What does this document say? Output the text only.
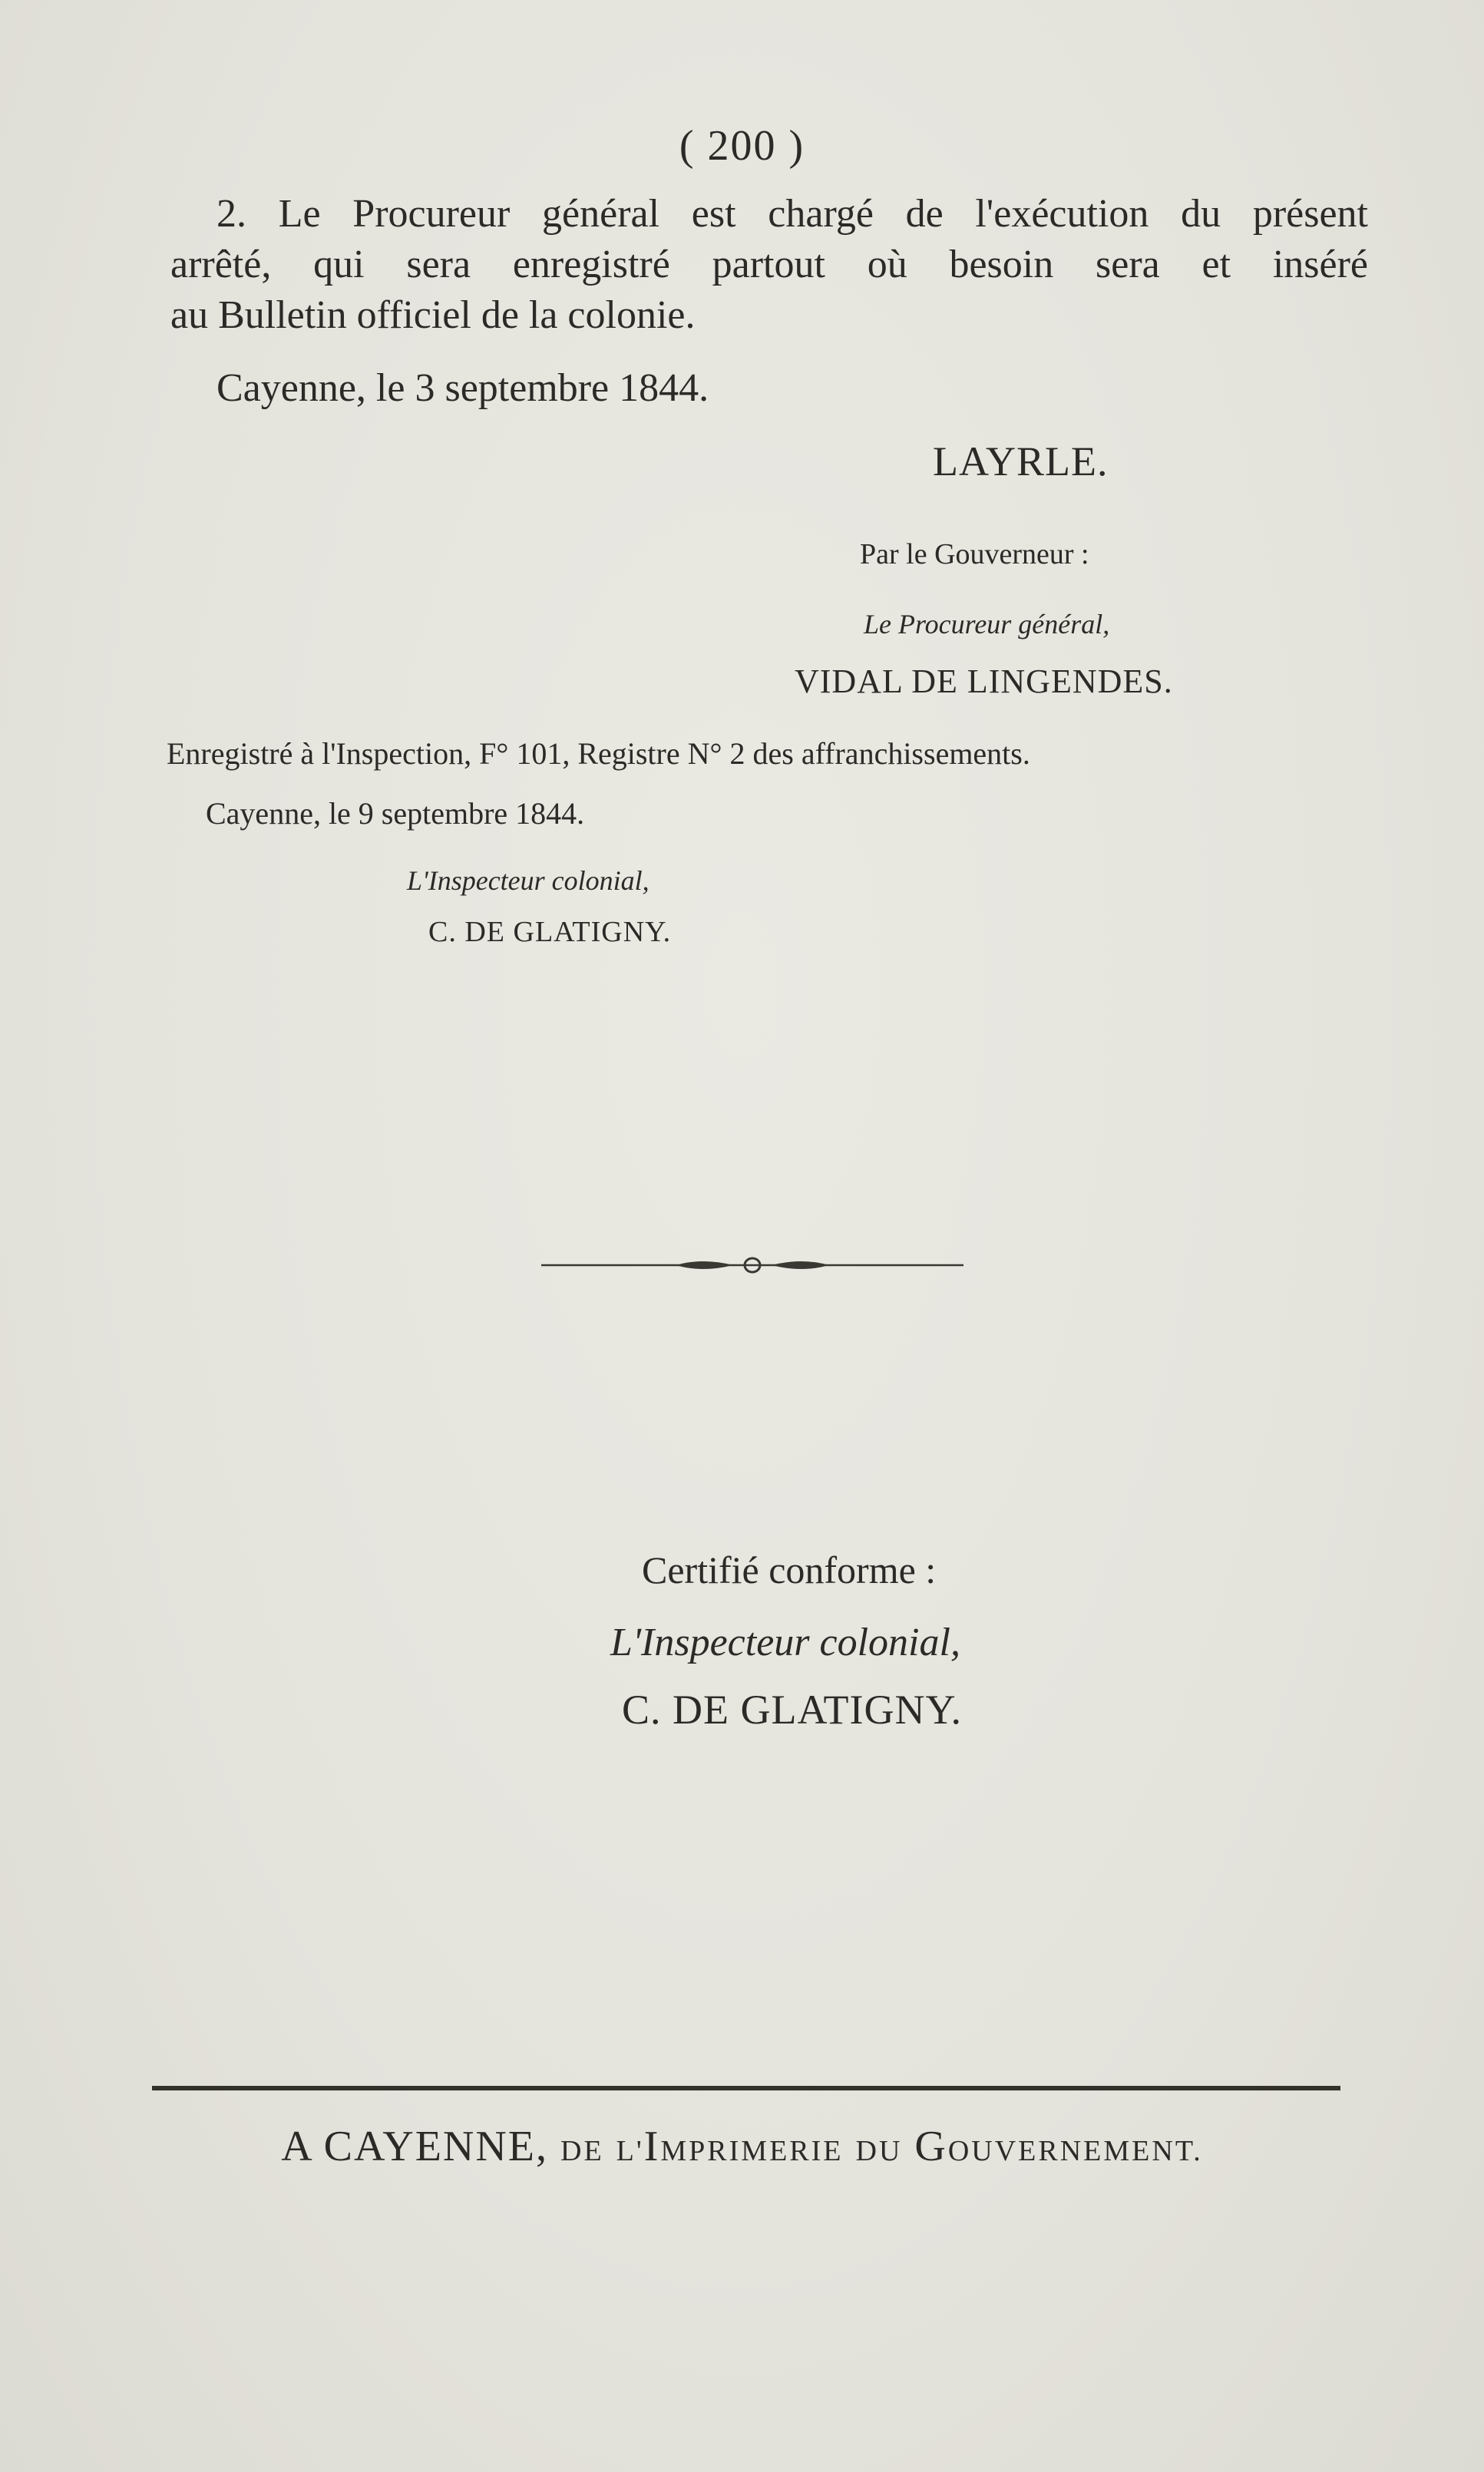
( 200 )
2. Le Procureur général est chargé de l'exécution du présent
arrêté, qui sera enregistré partout où besoin sera et inséré
au Bulletin officiel de la colonie.
Cayenne, le 3 septembre 1844.
LAYRLE.
Par le Gouverneur :
Le Procureur général,
VIDAL DE LINGENDES.
Enregistré à l'Inspection, F° 101, Registre N° 2 des affranchissements.
Cayenne, le 9 septembre 1844.
L'Inspecteur colonial,
C. DE GLATIGNY.
Certifié conforme :
L'Inspecteur colonial,
C. DE GLATIGNY.
A CAYENNE, DE L'IMPRIMERIE DU GOUVERNEMENT.
